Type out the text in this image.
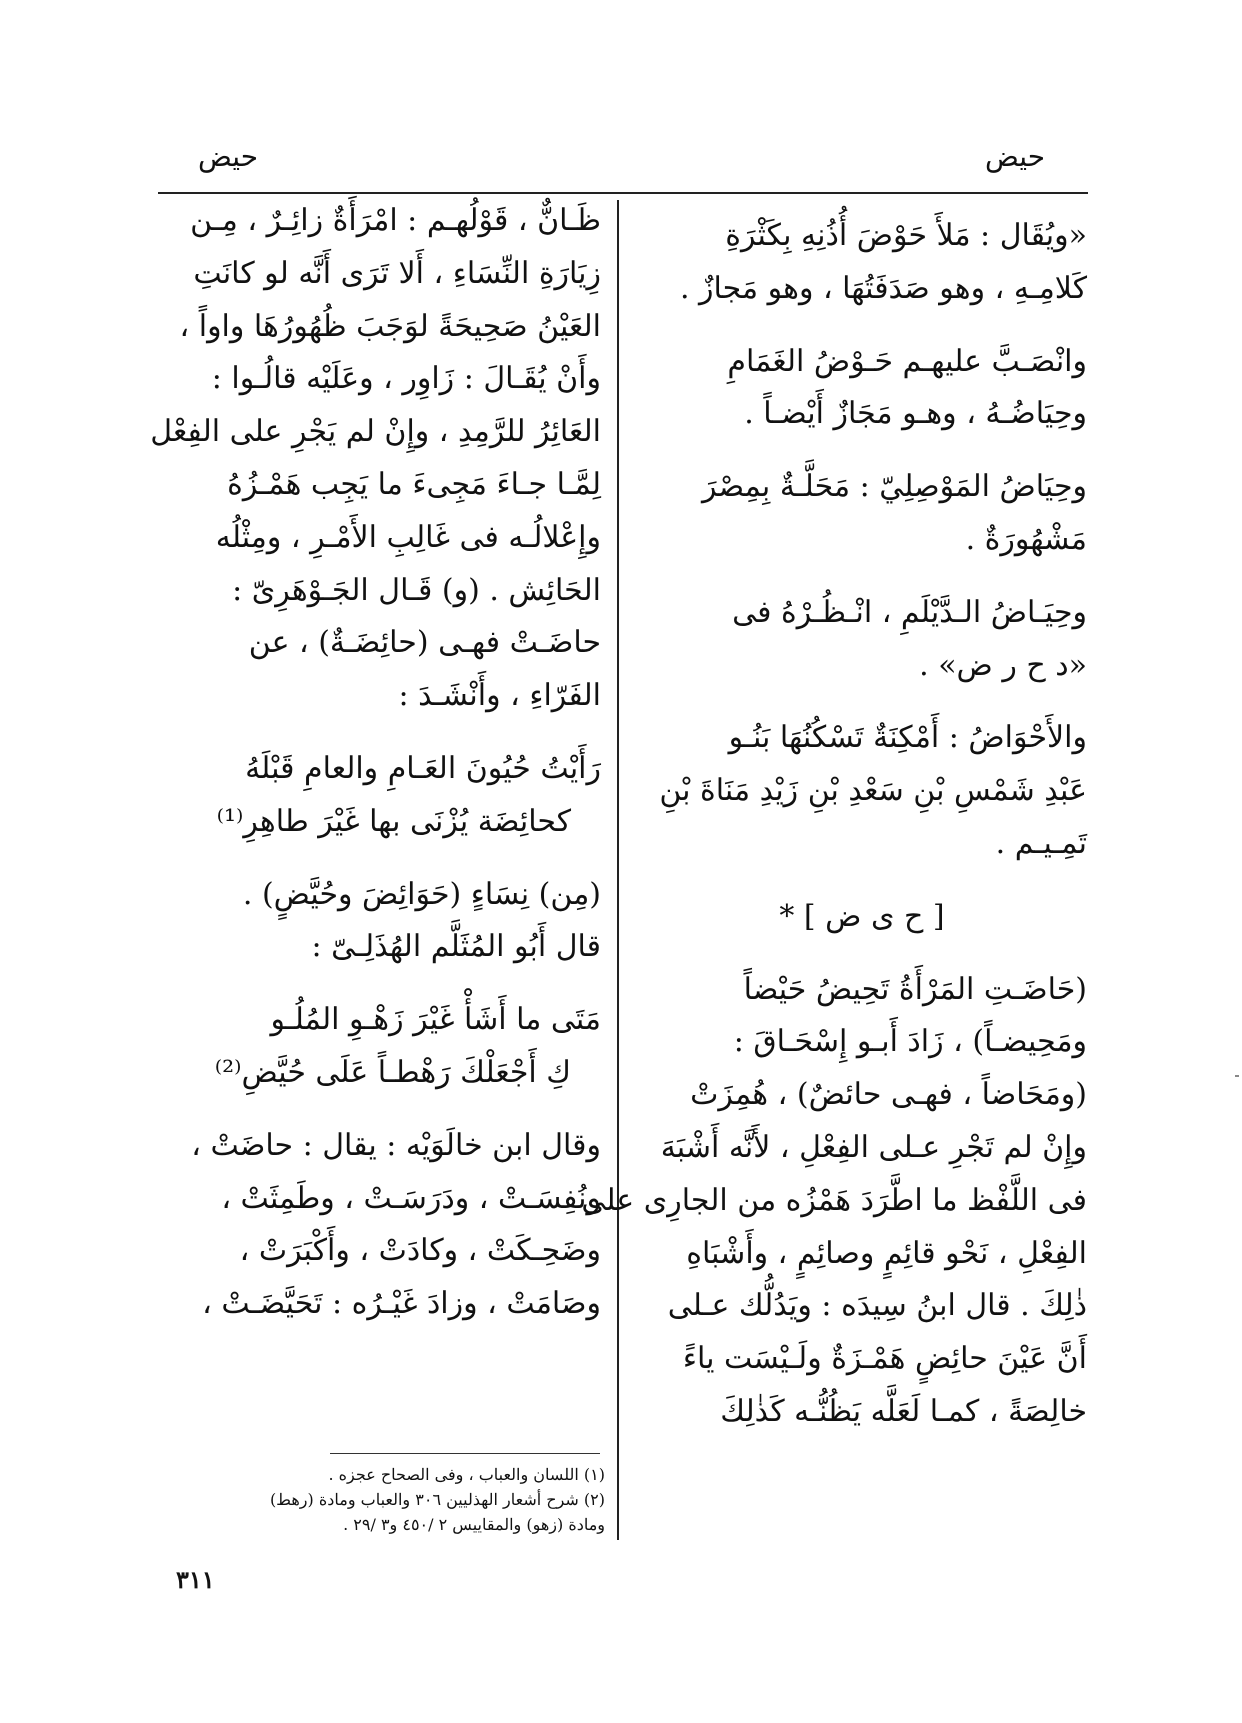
حيض
حيض
«ويُقَال : مَلأَ حَوْضَ أُذُنِهِ بِكَثْرَةِ
كَلامِـهِ ، وهو صَدَفَتُهَا ، وهو مَجازٌ .
وانْصَـبَّ عليهـم حَـوْضُ الغَمَامِ
وحِيَاضُـهُ ، وهـو مَجَازٌ أَيْضـاً .
وحِيَاضُ المَوْصِلِيّ : مَحَلَّـةٌ بِمِصْرَ
مَشْهُورَةٌ .
وحِيَـاضُ الـدَّيْلَمِ ، انْـظُـرْهُ فى
«د ح ر ض» .
والأَحْوَاضُ : أَمْكِنَةٌ تَسْكُنُهَا بَنُـو
عَبْدِ شَمْسِ بْنِ سَعْدِ بْنِ زَيْدِ مَنَاةَ بْنِ
تَمِـيـم .
[ ح ى ض ] *
(حَاضَـتِ المَرْأَةُ تَحِيضُ حَيْضاً
ومَحِيضـاً) ، زَادَ أَبـو إِسْحَـاقَ :
(ومَحَاضاً ، فهـى حائضٌ) ، هُمِزَتْ
وإِنْ لم تَجْرِ عـلى الفِعْلِ ، لأَنَّه أَشْبَهَ
فى اللَّفْظ ما اطَّرَدَ هَمْزُه من الجارِى على
الفِعْلِ ، نَحْو قائِمٍ وصائِمٍ ، وأَشْبَاهِ
ذٰلِكَ . قال ابنُ سِيدَه : ويَدُلُّك عـلى
أَنَّ عَيْنَ حائِضٍ هَمْـزَةٌ ولَـيْسَت ياءً
خالِصَةً ، كمـا لَعَلَّه يَظُنُّـه كَذٰلِكَ
ظَـانٌّ ، قَوْلُهـم : امْرَأَةٌ زائِـرٌ ، مِـن
زِيَارَةِ النِّسَاءِ ، أَلا تَرَى أَنَّه لو كانَتِ
العَيْنُ صَحِيحَةً لوَجَبَ ظُهُورُهَا واواً ،
وأَنْ يُقَـالَ : زَاوِر ، وعَلَيْه قالُـوا :
العَائِرُ للرَّمِدِ ، وإِنْ لم يَجْرِ على الفِعْل
لِمَّـا جـاءَ مَجِىءَ ما يَجِب هَمْـزُهُ
وإِعْلالُـه فى غَالِبِ الأَمْـرِ ، ومِثْلُه
الحَائِش . (و) قَـال الجَـوْهَرِىّ :
حاضَـتْ فهـى (حائِضَـةٌ) ، عن
الفَرّاءِ ، وأَنْشَـدَ :
رَأَيْتُ حُيُونَ العَـامِ والعامِ قَبْلَهُ
كحائِضَة يُزْنَى بها غَيْرَ طاهِرِ⁽¹⁾
(مِن) نِسَاءٍ (حَوَائِضَ وحُيَّضٍ) .
قال أَبُو المُثَلَّم الهُذَلِـىّ :
مَتَى ما أَشَأْ غَيْرَ زَهْـوِ المُلُـو
كِ أَجْعَلْكَ رَهْطـاً عَلَى حُيَّضِ⁽²⁾
وقال ابن خالَوَيْه : يقال : حاضَتْ ،
ونُفِسَـتْ ، ودَرَسَـتْ ، وطَمِثَتْ ،
وضَحِـكَتْ ، وكادَتْ ، وأَكْبَرَتْ ،
وصَامَتْ ، وزادَ غَيْـرُه : تَحَيَّضَـتْ ،
(١) اللسان والعباب ، وفى الصحاح عجزه .
(٢) شرح أشعار الهذليين ٣٠٦ والعباب ومادة (رهط)
ومادة (زهو) والمقاييس ٢ /٤٥٠ و٣ /٢٩ .
٣١١
